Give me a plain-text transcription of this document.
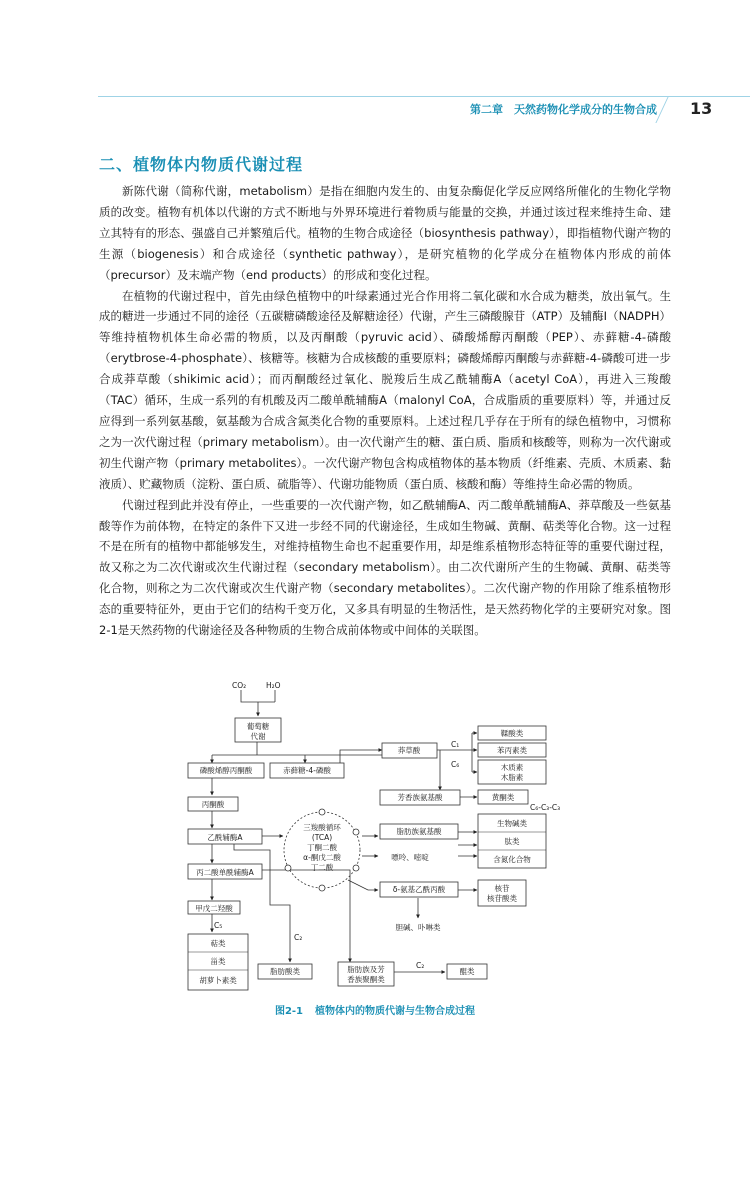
第二章　天然药物化学成分的生物合成 13
二、植物体内物质代谢过程

新陈代谢（简称代谢，metabolism）是指在细胞内发生的、由复杂酶促化学反应网络所催化的生物化学物质的改变。植物有机体以代谢的方式不断地与外界环境进行着物质与能量的交换，并通过该过程来维持生命、建立其特有的形态、强盛自己并繁殖后代。植物的生物合成途径（biosynthesis pathway），即指植物代谢产物的生源（biogenesis）和合成途径（synthetic pathway），是研究植物的化学成分在植物体内形成的前体（precursor）及末端产物（end products）的形成和变化过程。

在植物的代谢过程中，首先由绿色植物中的叶绿素通过光合作用将二氧化碳和水合成为糖类，放出氧气。生成的糖进一步通过不同的途径（五碳糖磷酸途径及解糖途径）代谢，产生三磷酸腺苷（ATP）及辅酶Ⅰ（NADPH）等维持植物机体生命必需的物质，以及丙酮酸（pyruvic acid）、磷酸烯醇丙酮酸（PEP）、赤藓糖-4-磷酸（erytbrose-4-phosphate）、核糖等。核糖为合成核酸的重要原料；磷酸烯醇丙酮酸与赤藓糖-4-磷酸可进一步合成莽草酸（shikimic acid）；而丙酮酸经过氧化、脱羧后生成乙酰辅酶A（acetyl CoA），再进入三羧酸（TAC）循环，生成一系列的有机酸及丙二酸单酰辅酶A（malonyl CoA，合成脂质的重要原料）等，并通过反应得到一系列氨基酸，氨基酸为合成含氮类化合物的重要原料。上述过程几乎存在于所有的绿色植物中，习惯称之为一次代谢过程（primary metabolism）。由一次代谢产生的糖、蛋白质、脂质和核酸等，则称为一次代谢或初生代谢产物（primary metabolites）。一次代谢产物包含构成植物体的基本物质（纤维素、壳质、木质素、黏液质）、贮藏物质（淀粉、蛋白质、硫脂等）、代谢功能物质（蛋白质、核酸和酶）等维持生命必需的物质。

代谢过程到此并没有停止，一些重要的一次代谢产物，如乙酰辅酶A、丙二酸单酰辅酶A、莽草酸及一些氨基酸等作为前体物，在特定的条件下又进一步经不同的代谢途径，生成如生物碱、黄酮、萜类等化合物。这一过程不是在所有的植物中都能够发生，对维持植物生命也不起重要作用，却是维系植物形态特征等的重要代谢过程，故又称之为二次代谢或次生代谢过程（secondary metabolism）。由二次代谢所产生的生物碱、黄酮、萜类等化合物，则称之为二次代谢或次生代谢产物（secondary metabolites）。二次代谢产物的作用除了维系植物形态的重要特征外，更由于它们的结构千变万化，又多具有明显的生物活性，是天然药物化学的主要研究对象。图2-1是天然药物的代谢途径及各种物质的生物合成前体物或中间体的关联图。

CO₂	H₂O
葡萄糖
代谢
磷酸烯醇丙酮酸	赤藓糖-4-磷酸
莽草酸
丙酮酸
乙酰辅酶A
丙二酸单酰辅酶A
甲戊二羟酸
三羧酸循环
(TCA)
丁酮二酸
α-酮戊二酸
丁二酸
芳香族氨基酸
脂肪族氨基酸
嘌呤、嘧啶
δ-氨基乙酰丙酸
胆碱、卟啉类
C₁
C₆
C₅
C₂
C₂
C₆-C₃-C₃
鞣酸类
苯丙素类
木质素
木脂素
黄酮类
生物碱类
肽类
含氮化合物
核苷
核苷酸类
萜类
甾类
胡萝卜素类
脂肪酸类	脂肪族及芳
香族聚酮类
醌类
图2-1 植物体内的物质代谢与生物合成过程
